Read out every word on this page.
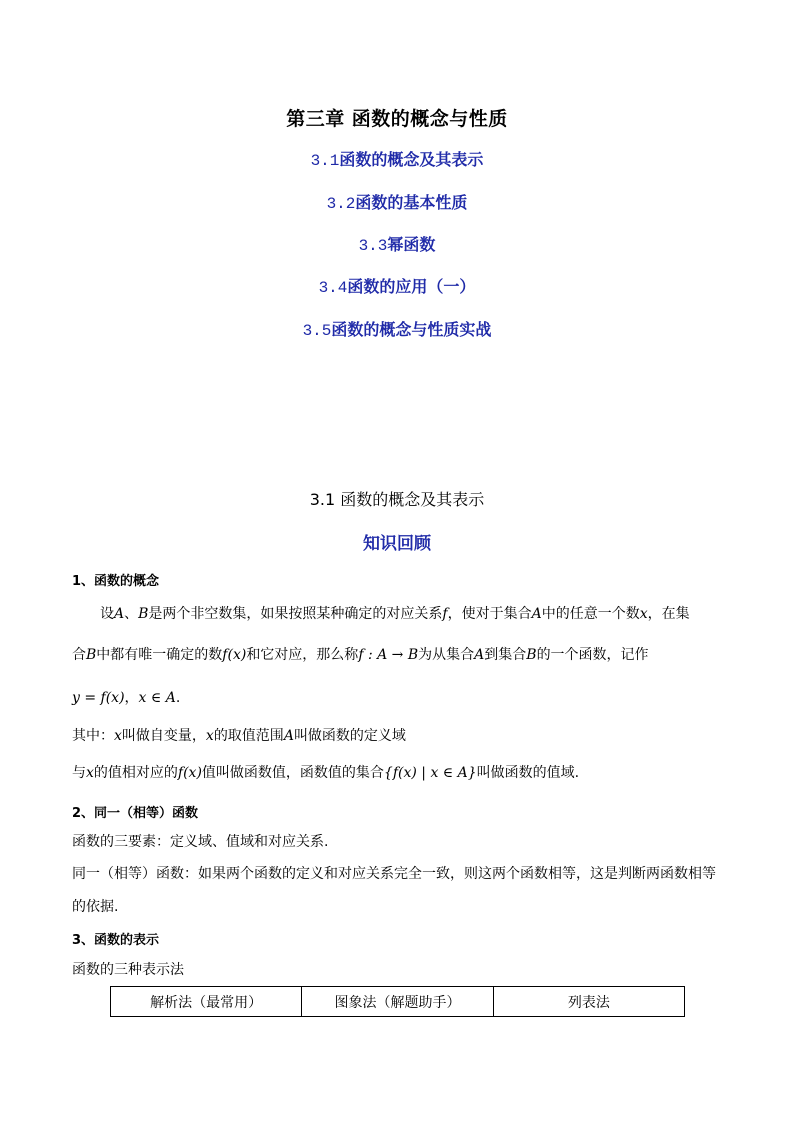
第三章 函数的概念与性质
3.1函数的概念及其表示
3.2函数的基本性质
3.3幂函数
3.4函数的应用（一）
3.5函数的概念与性质实战
3.1 函数的概念及其表示
知识回顾
1、函数的概念
设A、B是两个非空数集，如果按照某种确定的对应关系f，使对于集合A中的任意一个数x，在集
合B中都有唯一确定的数f(x)和它对应，那么称f : A → B为从集合A到集合B的一个函数，记作
y = f(x)，x ∈ A.
其中：x叫做自变量，x的取值范围A叫做函数的定义域
与x的值相对应的f(x)值叫做函数值，函数值的集合{f(x) | x ∈ A}叫做函数的值域.
2、同一（相等）函数
函数的三要素：定义域、值域和对应关系.
同一（相等）函数：如果两个函数的定义和对应关系完全一致，则这两个函数相等，这是判断两函数相等
的依据.
3、函数的表示
函数的三种表示法
解析法（最常用）	图象法（解题助手）	列表法
